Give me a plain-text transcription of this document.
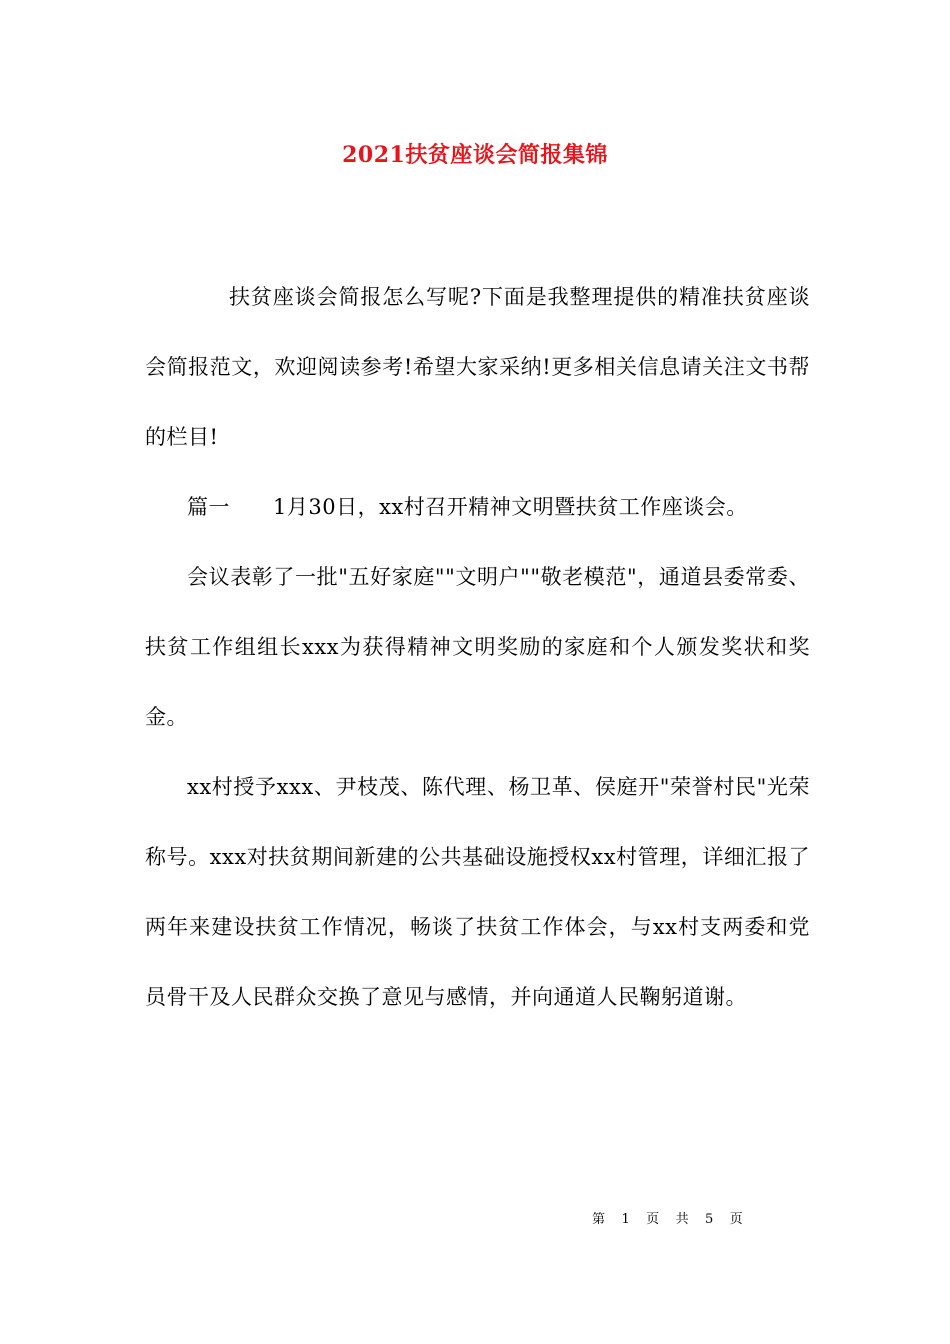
2021扶贫座谈会简报集锦

扶贫座谈会简报怎么写呢?下面是我整理提供的精准扶贫座谈会简报范文，欢迎阅读参考!希望大家采纳!更多相关信息请关注文书帮的栏目!

篇一　　1月30日，xx村召开精神文明暨扶贫工作座谈会。

会议表彰了一批"五好家庭""文明户""敬老模范"，通道县委常委、扶贫工作组组长xxx为获得精神文明奖励的家庭和个人颁发奖状和奖金。

xx村授予xxx、尹枝茂、陈代理、杨卫革、侯庭开"荣誉村民"光荣称号。xxx对扶贫期间新建的公共基础设施授权xx村管理，详细汇报了两年来建设扶贫工作情况，畅谈了扶贫工作体会，与xx村支两委和党员骨干及人民群众交换了意见与感情，并向通道人民鞠躬道谢。

第 1 页 共 5 页
